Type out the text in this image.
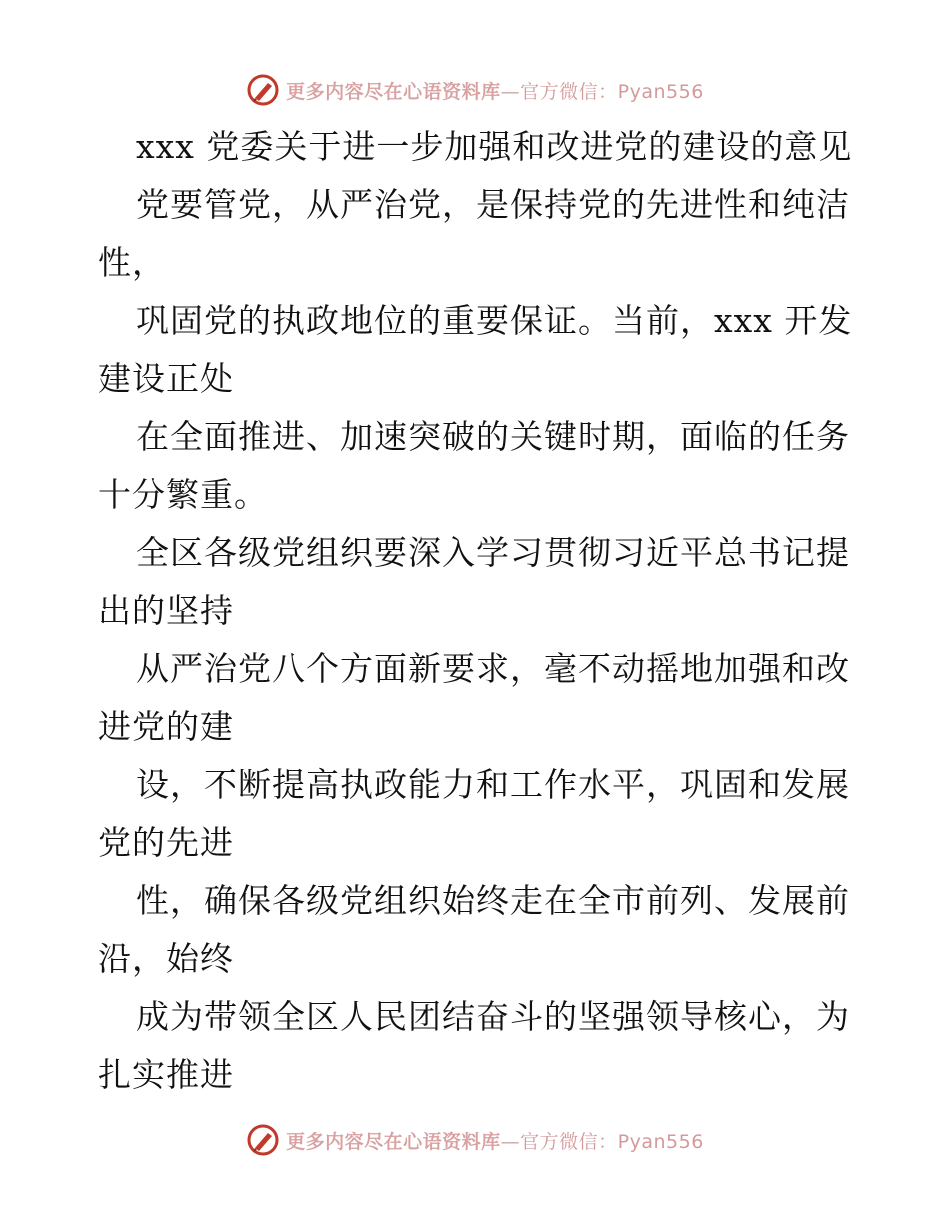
更多内容尽在心语资料库—官方微信：Pyan556
xxx 党委关于进一步加强和改进党的建设的意见
党要管党，从严治党，是保持党的先进性和纯洁
性，
巩固党的执政地位的重要保证。当前，xxx 开发
建设正处
在全面推进、加速突破的关键时期，面临的任务
十分繁重。
全区各级党组织要深入学习贯彻习近平总书记提
出的坚持
从严治党八个方面新要求，毫不动摇地加强和改
进党的建
设，不断提高执政能力和工作水平，巩固和发展
党的先进
性，确保各级党组织始终走在全市前列、发展前
沿，始终
成为带领全区人民团结奋斗的坚强领导核心，为
扎实推进
更多内容尽在心语资料库—官方微信：Pyan556
